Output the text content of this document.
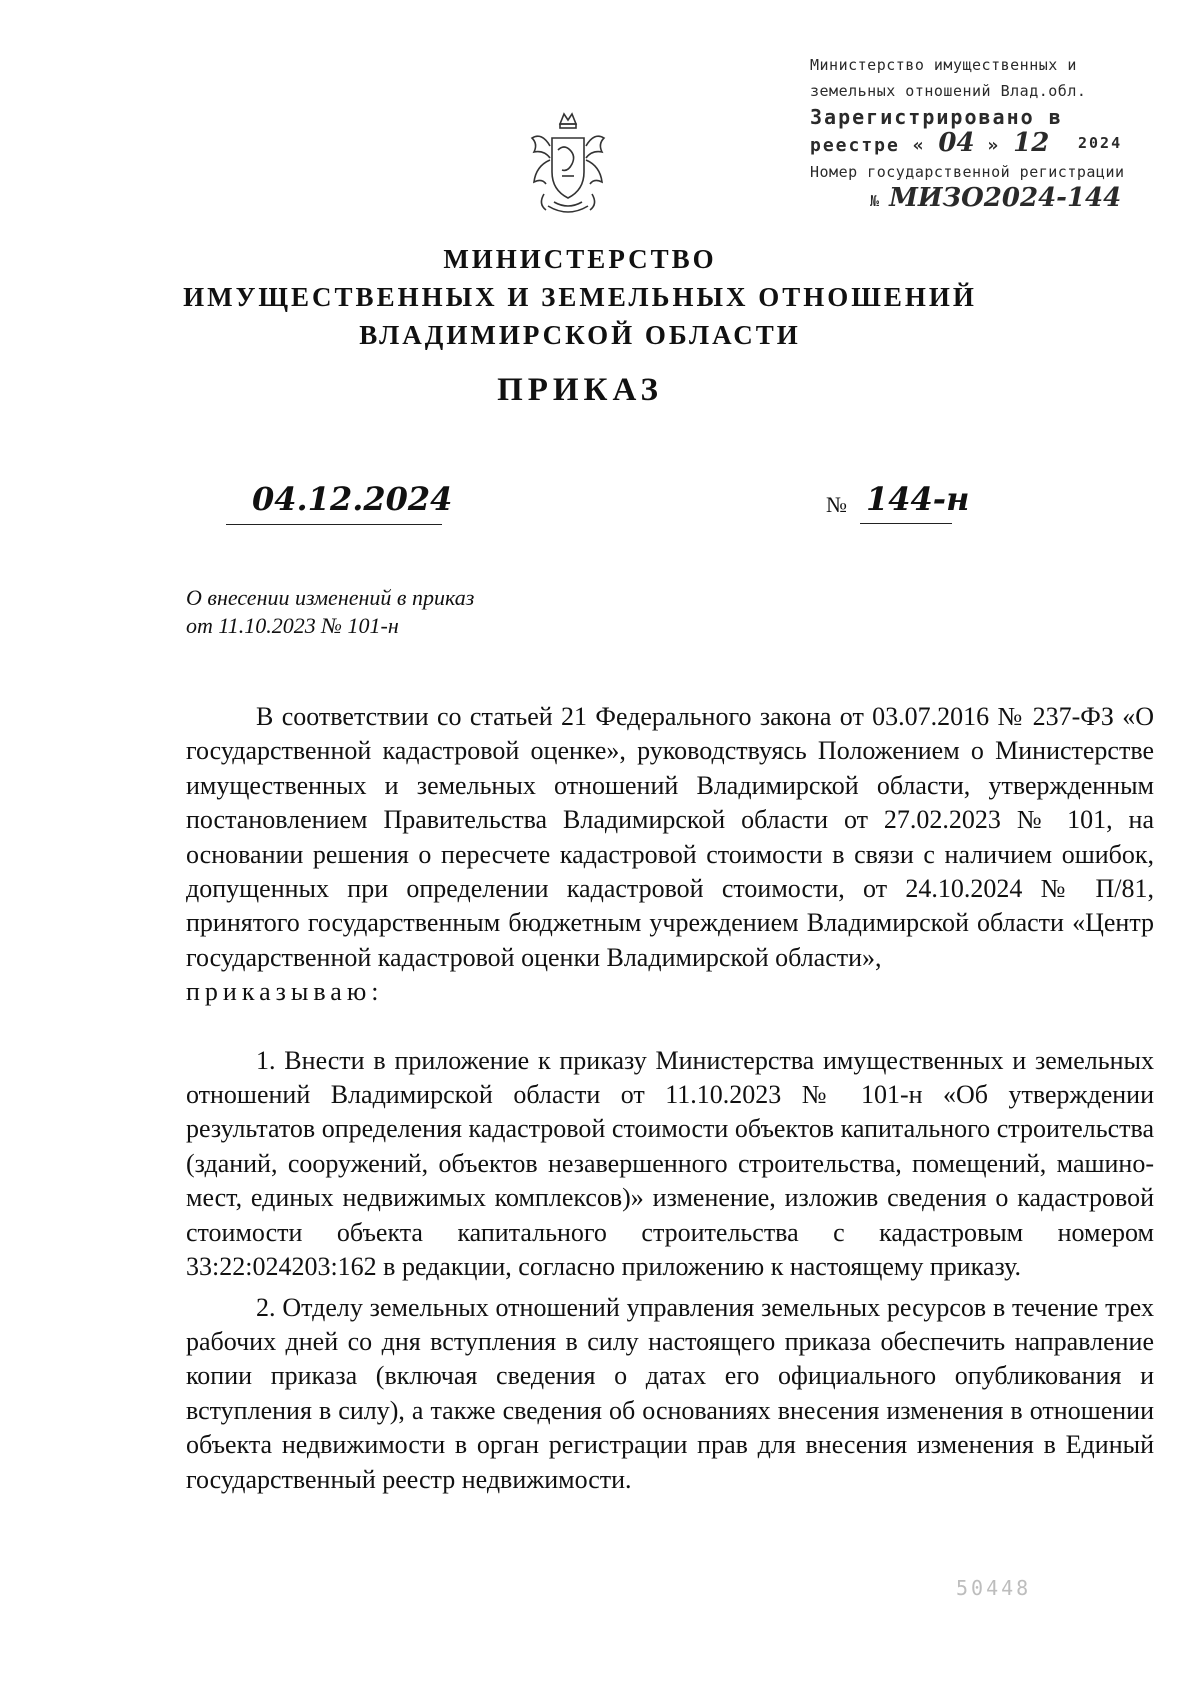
Министерство имущественных и
земельных отношений Влад.обл.
Зарегистрировано в
реестре « 04 » 12 2024
Номер государственной регистрации
№ МИЗО2024-144
МИНИСТЕРСТВО
ИМУЩЕСТВЕННЫХ И ЗЕМЕЛЬНЫХ ОТНОШЕНИЙ
ВЛАДИМИРСКОЙ ОБЛАСТИ
ПРИКАЗ
04.12.2024	№ 144-н
О внесении изменений в приказ
от 11.10.2023 № 101-н

В соответствии со статьей 21 Федерального закона от 03.07.2016 № 237-ФЗ «О государственной кадастровой оценке», руководствуясь Положением о Министерстве имущественных и земельных отношений Владимирской области, утвержденным постановлением Правительства Владимирской области от 27.02.2023 № 101, на основании решения о пересчете кадастровой стоимости в связи с наличием ошибок, допущенных при определении кадастровой стоимости, от 24.10.2024 № П/81, принятого государственным бюджетным учреждением Владимирской области «Центр государственной кадастровой оценки Владимирской области»,

приказываю:

1. Внести в приложение к приказу Министерства имущественных и земельных отношений Владимирской области от 11.10.2023 № 101-н «Об утверждении результатов определения кадастровой стоимости объектов капитального строительства (зданий, сооружений, объектов незавершенного строительства, помещений, машино-мест, единых недвижимых комплексов)» изменение, изложив сведения о кадастровой стоимости объекта капитального строительства с кадастровым номером 33:22:024203:162 в редакции, согласно приложению к настоящему приказу.

2. Отделу земельных отношений управления земельных ресурсов в течение трех рабочих дней со дня вступления в силу настоящего приказа обеспечить направление копии приказа (включая сведения о датах его официального опубликования и вступления в силу), а также сведения об основаниях внесения изменения в отношении объекта недвижимости в орган регистрации прав для внесения изменения в Единый государственный реестр недвижимости.

50448
